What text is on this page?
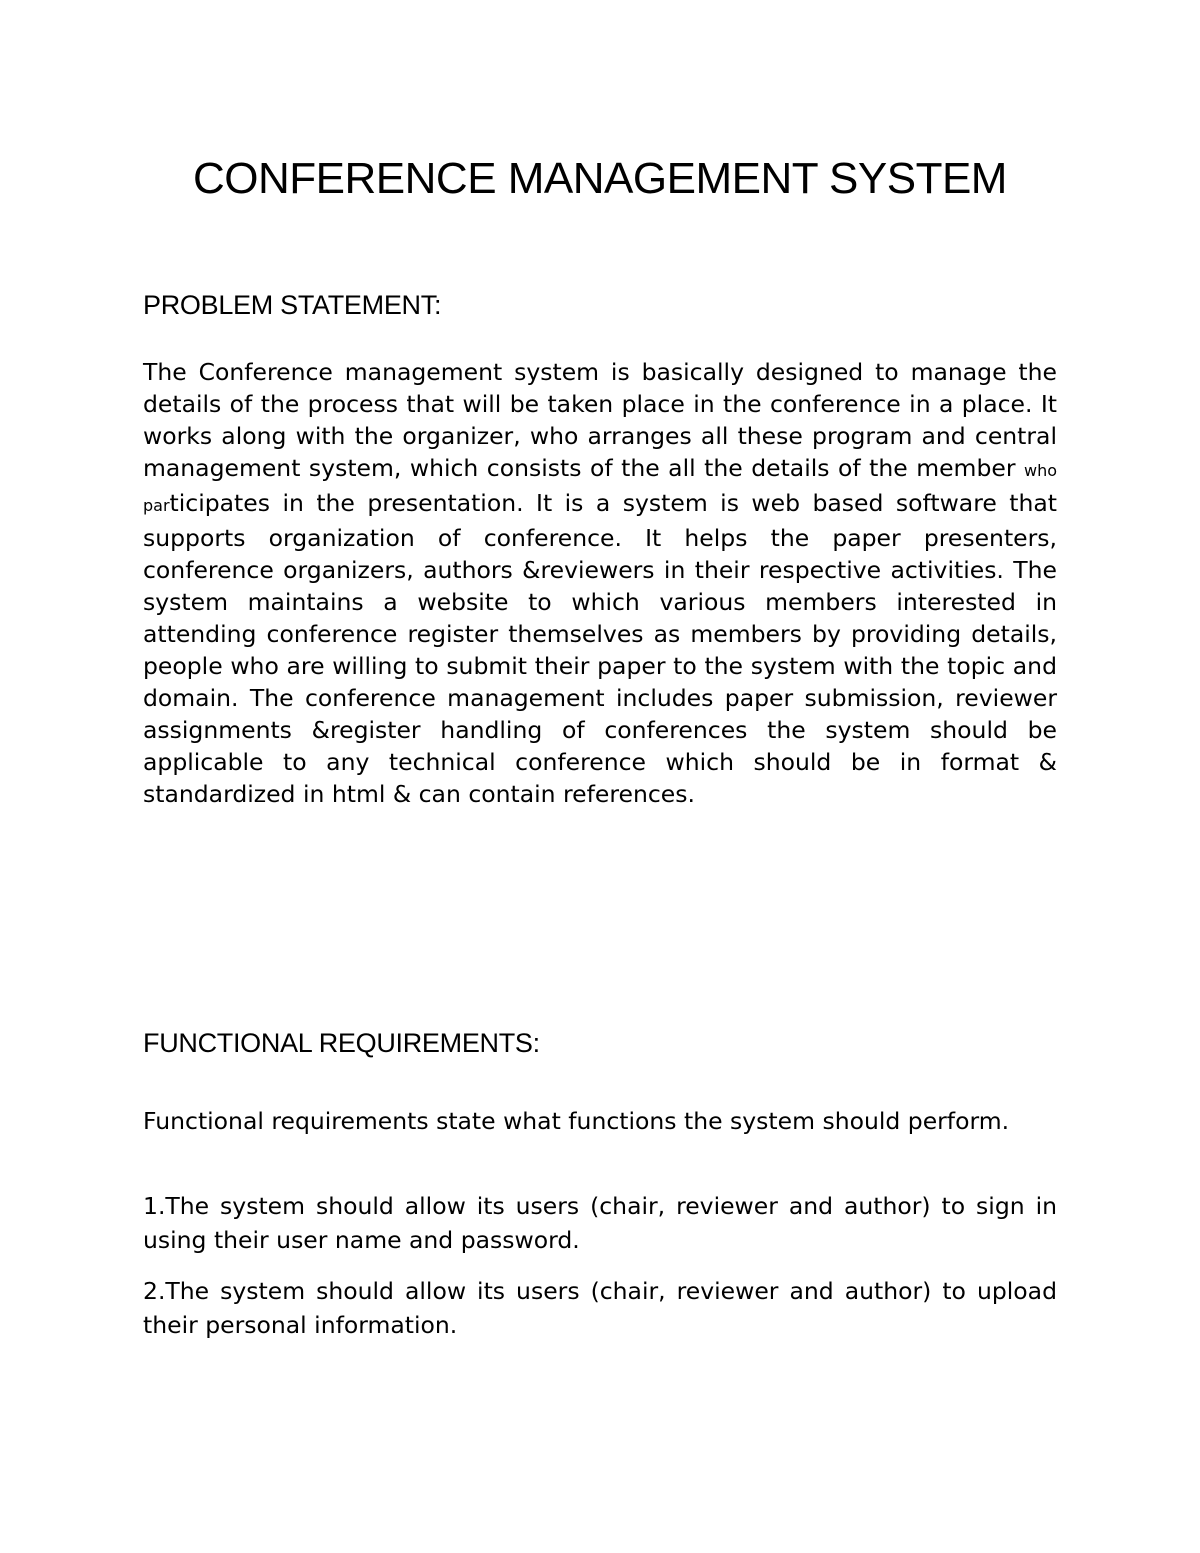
CONFERENCE MANAGEMENT SYSTEM
PROBLEM STATEMENT:

The Conference management system is basically designed to manage the details of the process that will be taken place in the conference in a place. It works along with the organizer, who arranges all these program and central management system, which consists of the all the details of the member who participates in the presentation. It is a system is web based software that supports organization of conference. It helps the paper presenters, conference organizers, authors &reviewers in their respective activities. The system maintains a website to which various members interested in attending conference register themselves as members by providing details, people who are willing to submit their paper to the system with the topic and domain. The conference management includes paper submission, reviewer assignments &register handling of conferences the system should be applicable to any technical conference which should be in format & standardized in html & can contain references.

FUNCTIONAL REQUIREMENTS:

Functional requirements state what functions the system should perform.

1.The system should allow its users (chair, reviewer and author) to sign in using their user name and password.

2.The system should allow its users (chair, reviewer and author) to upload their personal information.
